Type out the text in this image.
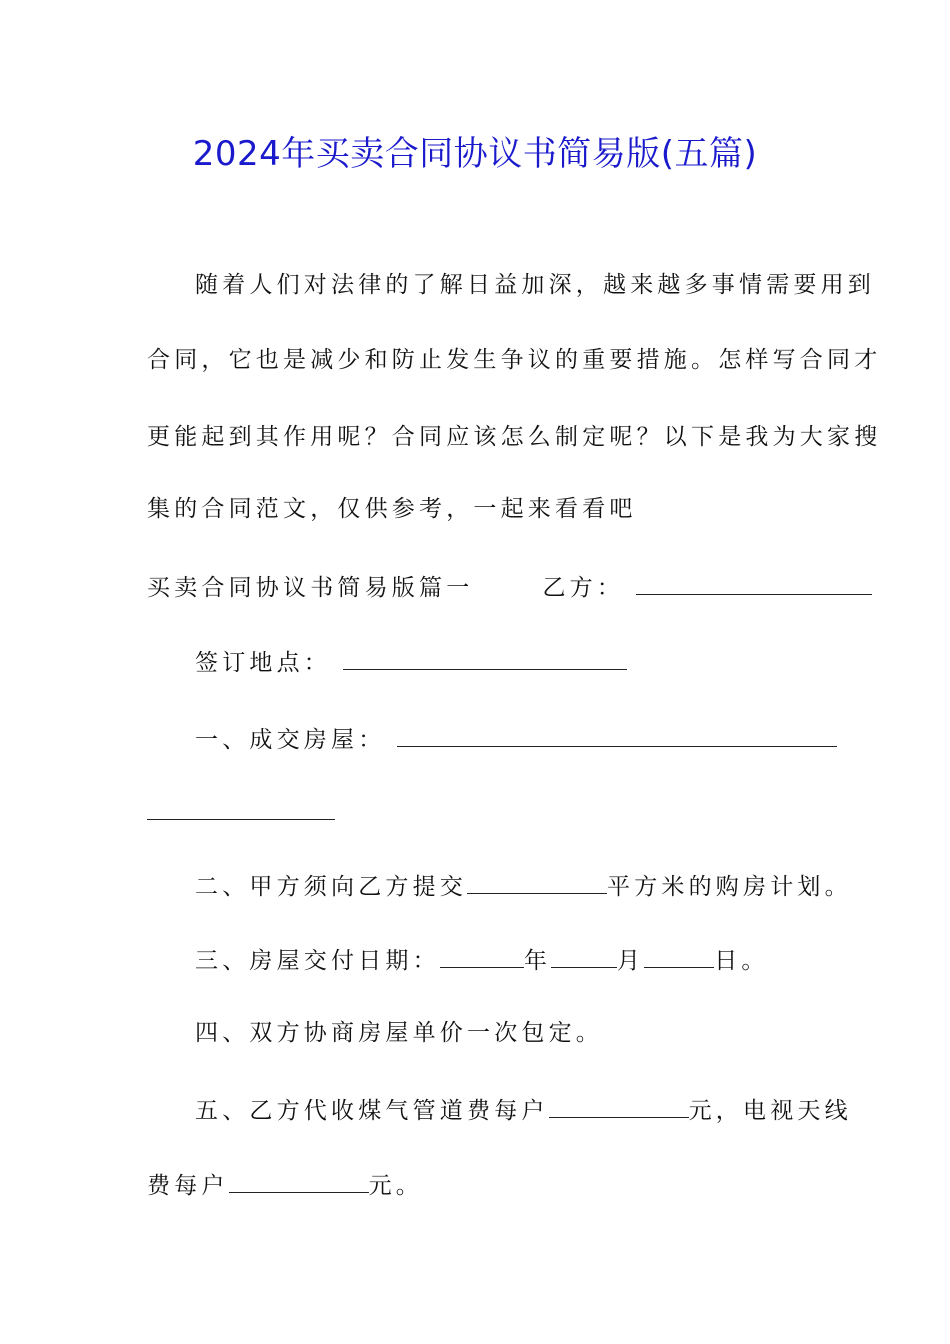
2024年买卖合同协议书简易版(五篇)
随着人们对法律的了解日益加深，越来越多事情需要用到
合同，它也是减少和防止发生争议的重要措施。怎样写合同才
更能起到其作用呢？合同应该怎么制定呢？以下是我为大家搜
集的合同范文，仅供参考，一起来看看吧
买卖合同协议书简易版篇一	乙方：
签订地点：
一、成交房屋：
二、甲方须向乙方提交	平方米的购房计划。
三、房屋交付日期：	年	月	日。
四、双方协商房屋单价一次包定。
五、乙方代收煤气管道费每户	元，电视天线
费每户	元。
